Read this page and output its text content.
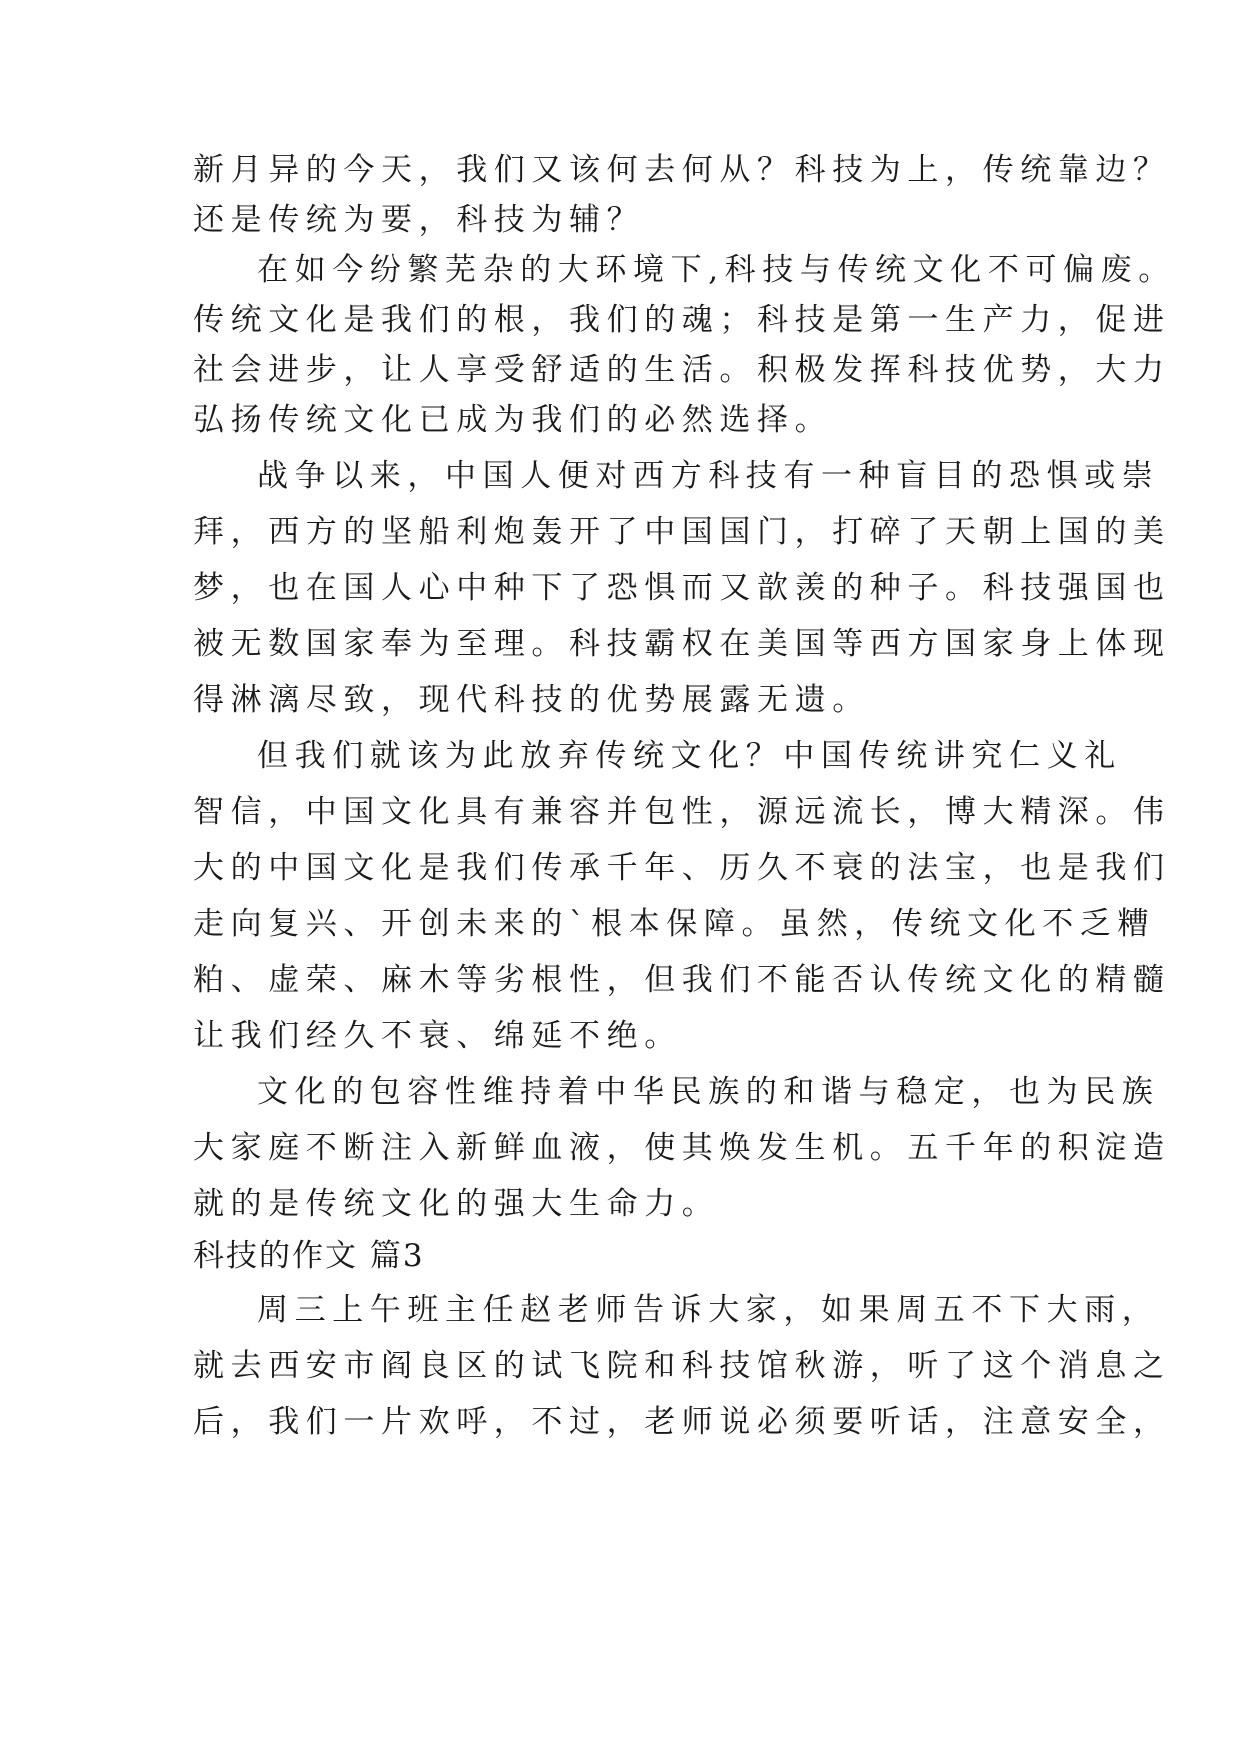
新月异的今天，我们又该何去何从？科技为上，传统靠边？
还是传统为要，科技为辅？
在如今纷繁芜杂的大环境下,科技与传统文化不可偏废。
传统文化是我们的根，我们的魂；科技是第一生产力，促进
社会进步，让人享受舒适的生活。积极发挥科技优势，大力
弘扬传统文化已成为我们的必然选择。
战争以来，中国人便对西方科技有一种盲目的恐惧或崇
拜，西方的坚船利炮轰开了中国国门，打碎了天朝上国的美
梦，也在国人心中种下了恐惧而又歆羡的种子。科技强国也
被无数国家奉为至理。科技霸权在美国等西方国家身上体现
得淋漓尽致，现代科技的优势展露无遗。
但我们就该为此放弃传统文化？中国传统讲究仁义礼
智信，中国文化具有兼容并包性，源远流长，博大精深。伟
大的中国文化是我们传承千年、历久不衰的法宝，也是我们
走向复兴、开创未来的`根本保障。虽然，传统文化不乏糟
粕、虚荣、麻木等劣根性，但我们不能否认传统文化的精髓
让我们经久不衰、绵延不绝。
文化的包容性维持着中华民族的和谐与稳定，也为民族
大家庭不断注入新鲜血液，使其焕发生机。五千年的积淀造
就的是传统文化的强大生命力。
科技的作文 篇3
周三上午班主任赵老师告诉大家，如果周五不下大雨，
就去西安市阎良区的试飞院和科技馆秋游，听了这个消息之
后，我们一片欢呼，不过，老师说必须要听话，注意安全，
